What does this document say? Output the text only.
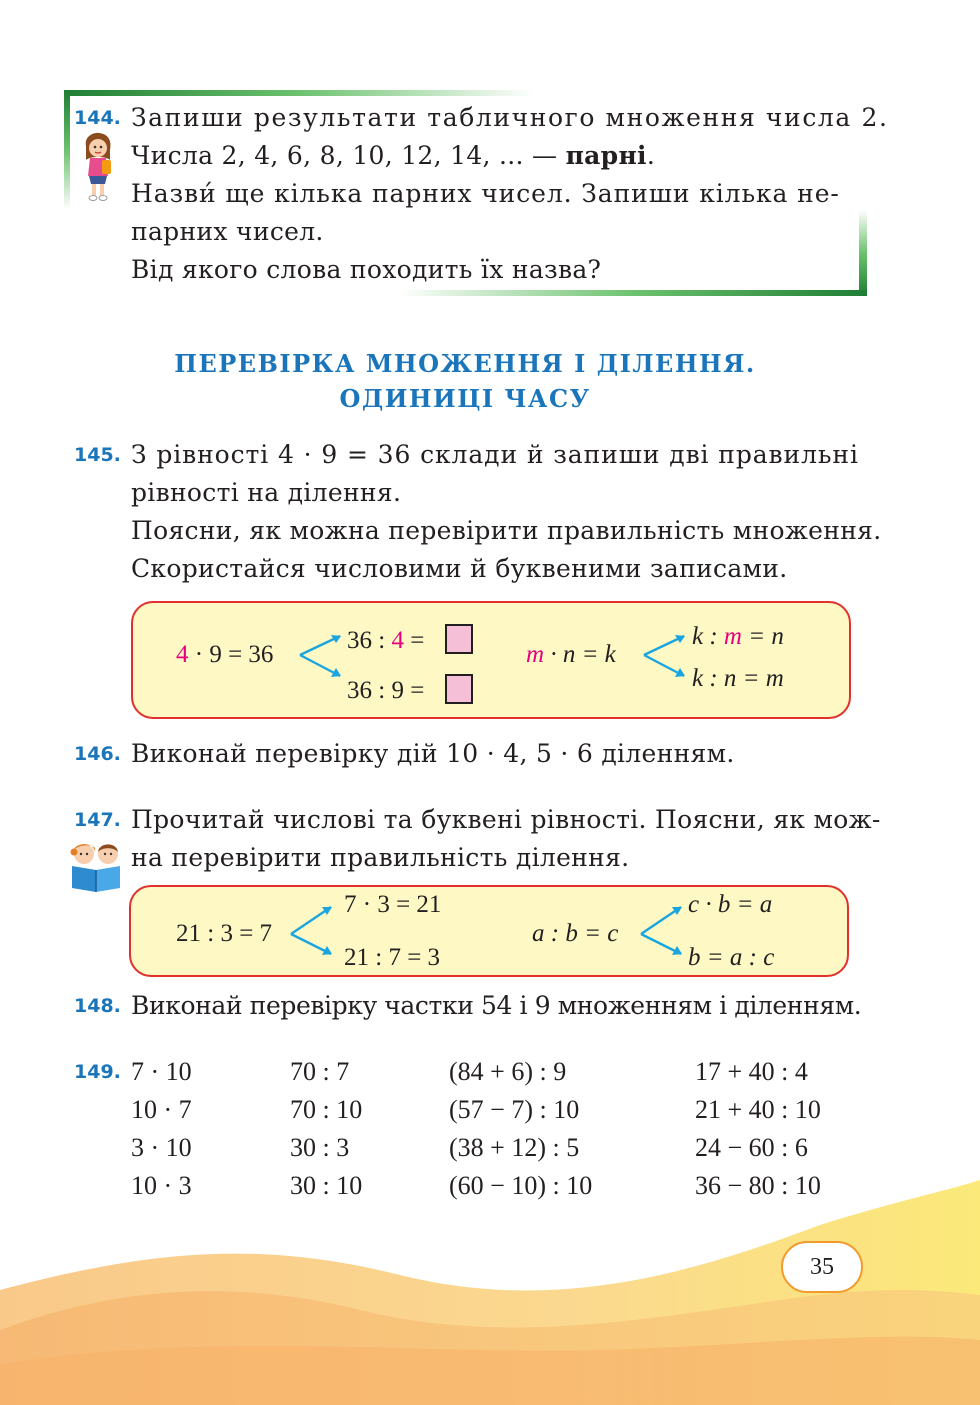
144. Запиши результати табличного множення числа 2.
Числа 2, 4, 6, 8, 10, 12, 14, ... — парні.
Назви́ ще кілька парних чисел. Запиши кілька не-
парних чисел.
Від якого слова походить їх назва?
ПЕРЕВІРКА МНОЖЕННЯ І ДІЛЕННЯ.
ОДИНИЦІ ЧАСУ
145. З рівності 4 · 9 = 36 склади й запиши дві правильні
рівності на ділення.
Поясни, як можна перевірити правильність множення.
Скористайся числовими й буквеними записами.
4 · 9 = 36
36 : 4 =
36 : 9 =
m · n = k
k : m = n
k : n = m
146. Виконай перевірку дій 10 · 4, 5 · 6 діленням.
147. Прочитай числові та буквені рівності. Поясни, як мож-
на перевірити правильність ділення.
21 : 3 = 7
7 · 3 = 21
21 : 7 = 3
a : b = c
c · b = a
b = a : c
148. Виконай перевірку частки 54 і 9 множенням і діленням.
149. 7 · 10
10 · 7
3 · 10
10 · 3
70 : 7
70 : 10
30 : 3
30 : 10
(84 + 6) : 9
(57 − 7) : 10
(38 + 12) : 5
(60 − 10) : 10
17 + 40 : 4
21 + 40 : 10
24 − 60 : 6
36 − 80 : 10
35
